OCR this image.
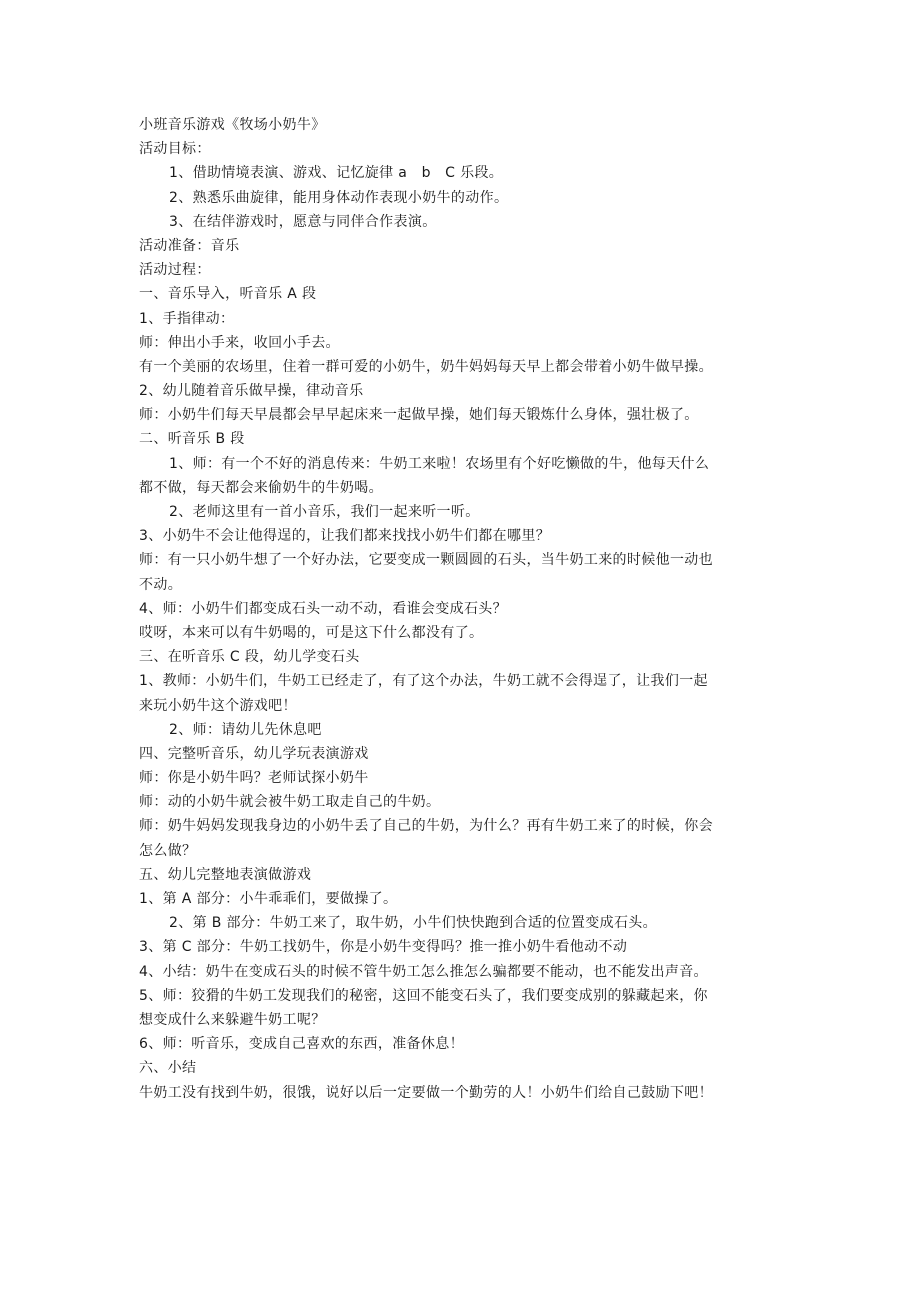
小班音乐游戏《牧场小奶牛》
活动目标：
1、借助情境表演、游戏、记忆旋律 a　b　C 乐段。
2、熟悉乐曲旋律，能用身体动作表现小奶牛的动作。
3、在结伴游戏时，愿意与同伴合作表演。
活动准备：音乐
活动过程：
一、音乐导入，听音乐 A 段
1、手指律动：
师：伸出小手来，收回小手去。
有一个美丽的农场里，住着一群可爱的小奶牛，奶牛妈妈每天早上都会带着小奶牛做早操。
2、幼儿随着音乐做早操，律动音乐
师：小奶牛们每天早晨都会早早起床来一起做早操，她们每天锻炼什么身体，强壮极了。
二、听音乐 B 段
1、师：有一个不好的消息传来：牛奶工来啦！农场里有个好吃懒做的牛，他每天什么
都不做，每天都会来偷奶牛的牛奶喝。
2、老师这里有一首小音乐，我们一起来听一听。
3、小奶牛不会让他得逞的，让我们都来找找小奶牛们都在哪里？
师：有一只小奶牛想了一个好办法，它要变成一颗圆圆的石头，当牛奶工来的时候他一动也
不动。
4、师：小奶牛们都变成石头一动不动，看谁会变成石头？
哎呀，本来可以有牛奶喝的，可是这下什么都没有了。
三、在听音乐 C 段，幼儿学变石头
1、教师：小奶牛们，牛奶工已经走了，有了这个办法，牛奶工就不会得逞了，让我们一起
来玩小奶牛这个游戏吧！
2、师：请幼儿先休息吧
四、完整听音乐，幼儿学玩表演游戏
师：你是小奶牛吗？老师试探小奶牛
师：动的小奶牛就会被牛奶工取走自己的牛奶。
师：奶牛妈妈发现我身边的小奶牛丢了自己的牛奶，为什么？再有牛奶工来了的时候，你会
怎么做？
五、幼儿完整地表演做游戏
1、第 A 部分：小牛乖乖们，要做操了。
2、第 B 部分：牛奶工来了，取牛奶，小牛们快快跑到合适的位置变成石头。
3、第 C 部分：牛奶工找奶牛，你是小奶牛变得吗？推一推小奶牛看他动不动
4、小结：奶牛在变成石头的时候不管牛奶工怎么推怎么骗都要不能动，也不能发出声音。
5、师：狡猾的牛奶工发现我们的秘密，这回不能变石头了，我们要变成别的躲藏起来，你
想变成什么来躲避牛奶工呢？
6、师：听音乐，变成自己喜欢的东西，准备休息！
六、小结
牛奶工没有找到牛奶，很饿，说好以后一定要做一个勤劳的人！小奶牛们给自己鼓励下吧！
